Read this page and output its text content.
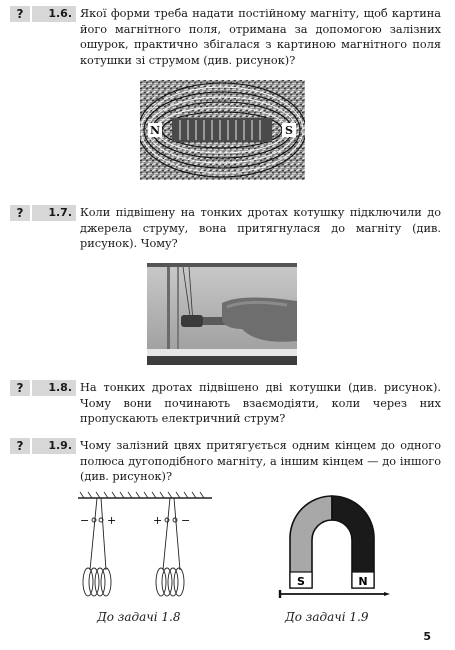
?	1.6. Якої форми треба надати постійному магніту, щоб картина його магнітного поля, отримана за допомогою залізних ошурок, практично збігалася з картиною магнітного поля котушки зі струмом (див. рисунок)?
N	S
?	1.7. Коли підвішену на тонких дротах котушку підключили до джерела струму, вона притягнулася до магніту (див. рисунок). Чому?
?	1.8. На тонких дротах підвішено дві котушки (див. рисунок). Чому вони починають взаємодіяти, коли через них пропускають електричний струм?
?	1.9. Чому залізний цвях притягується одним кінцем до одного полюса дугоподібного магніту, а іншим кінцем — до іншого (див. рисунок)?
− +	+ −
До задачі 1.8
S	N
До задачі 1.9
5
